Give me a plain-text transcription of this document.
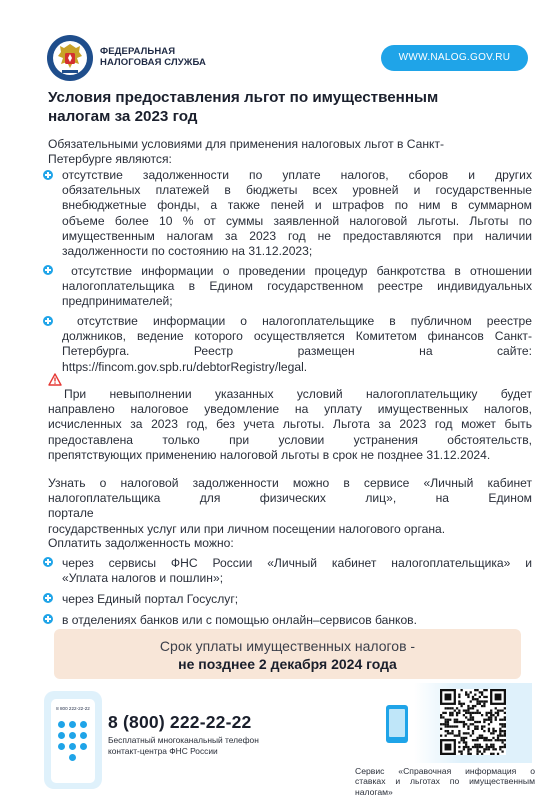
ФЕДЕРАЛЬНАЯ
НАЛОГОВАЯ СЛУЖБА	WWW.NALOG.GOV.RU
Условия предоставления льгот по имущественным
налогам за 2023 год
Обязательными условиями для применения налоговых льгот в Санкт-
Петербурге являются:
отсутствие задолженности по уплате налогов, сборов и других
обязательных платежей в бюджеты всех уровней и государственные
внебюджетные фонды, а также пеней и штрафов по ним в суммарном
объеме более 10 % от суммы заявленной налоговой льготы. Льготы по
имущественным налогам за 2023 год не предоставляются при наличии
задолженности по состоянию на 31.12.2023;
отсутствие информации о проведении процедур банкротства в отношении
налогоплательщика в Едином государственном реестре индивидуальных
предпринимателей;
отсутствие информации о налогоплательщике в публичном реестре
должников, ведение которого осуществляется Комитетом финансов Санкт-
Петербурга. Реестр размещен на сайте:
https://fincom.gov.spb.ru/debtorRegistry/legal.
При невыполнении указанных условий налогоплательщику будет
направлено налоговое уведомление на уплату имущественных налогов,
исчисленных за 2023 год, без учета льготы. Льгота за 2023 год может быть
предоставлена только при условии устранения обстоятельств,
препятствующих применению налоговой льготы в срок не позднее 31.12.2024.
Узнать о налоговой задолженности можно в сервисе «Личный кабинет
налогоплательщика для физических лиц», на Едином портале
государственных услуг или при личном посещении налогового органа.
Оплатить задолженность можно:
через сервисы ФНС России «Личный кабинет налогоплательщика» и
«Уплата налогов и пошлин»;
через Единый портал Госуслуг;
в отделениях банков или с помощью онлайн–сервисов банков.
Срок уплаты имущественных налогов -
не позднее 2 декабря 2024 года
8 800 222-22-22
8 (800) 222-22-22
Бесплатный многоканальный телефон
контакт-центра ФНС России
Сервис «Справочная информация о
ставках и льготах по имущественным
налогам»
